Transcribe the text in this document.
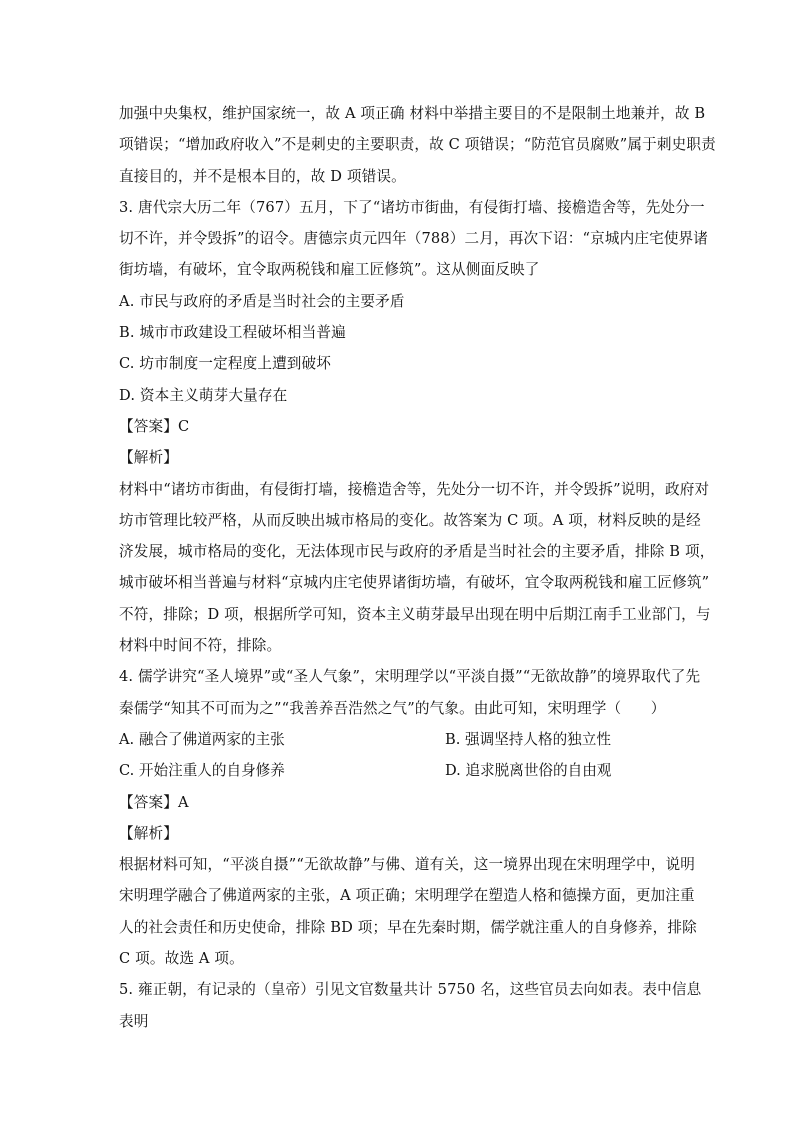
加强中央集权，维护国家统一，故 A 项正确 材料中举措主要目的不是限制土地兼并，故 B
项错误；“增加政府收入”不是刺史的主要职责，故 C 项错误；“防范官员腐败”属于刺史职责
直接目的，并不是根本目的，故 D 项错误。
3. 唐代宗大历二年（767）五月，下了“诸坊市街曲，有侵街打墙、接檐造舍等，先处分一
切不许，并令毁拆”的诏令。唐德宗贞元四年（788）二月，再次下诏：“京城内庄宅使界诸
街坊墙，有破坏，宜令取两税钱和雇工匠修筑”。这从侧面反映了
A. 市民与政府的矛盾是当时社会的主要矛盾
B. 城市市政建设工程破坏相当普遍
C. 坊市制度一定程度上遭到破坏
D. 资本主义萌芽大量存在
【答案】C
【解析】
材料中“诸坊市街曲，有侵街打墙，接檐造舍等，先处分一切不许，并令毁拆”说明，政府对
坊市管理比较严格，从而反映出城市格局的变化。故答案为 C 项。A 项，材料反映的是经
济发展，城市格局的变化，无法体现市民与政府的矛盾是当时社会的主要矛盾，排除 B 项，
城市破坏相当普遍与材料“京城内庄宅使界诸街坊墙，有破坏，宜令取两税钱和雇工匠修筑”
不符，排除；D 项，根据所学可知，资本主义萌芽最早出现在明中后期江南手工业部门，与
材料中时间不符，排除。
4. 儒学讲究“圣人境界”或“圣人气象”，宋明理学以“平淡自摄”“无欲故静”的境界取代了先
秦儒学“知其不可而为之”“我善养吾浩然之气”的气象。由此可知，宋明理学（　　）
A. 融合了佛道两家的主张	B. 强调坚持人格的独立性
C. 开始注重人的自身修养	D. 追求脱离世俗的自由观
【答案】A
【解析】
根据材料可知，“平淡自摄”“无欲故静”与佛、道有关，这一境界出现在宋明理学中，说明
宋明理学融合了佛道两家的主张，A 项正确；宋明理学在塑造人格和德操方面，更加注重
人的社会责任和历史使命，排除 BD 项；早在先秦时期，儒学就注重人的自身修养，排除
C 项。故选 A 项。
5. 雍正朝，有记录的（皇帝）引见文官数量共计 5750 名，这些官员去向如表。表中信息
表明
